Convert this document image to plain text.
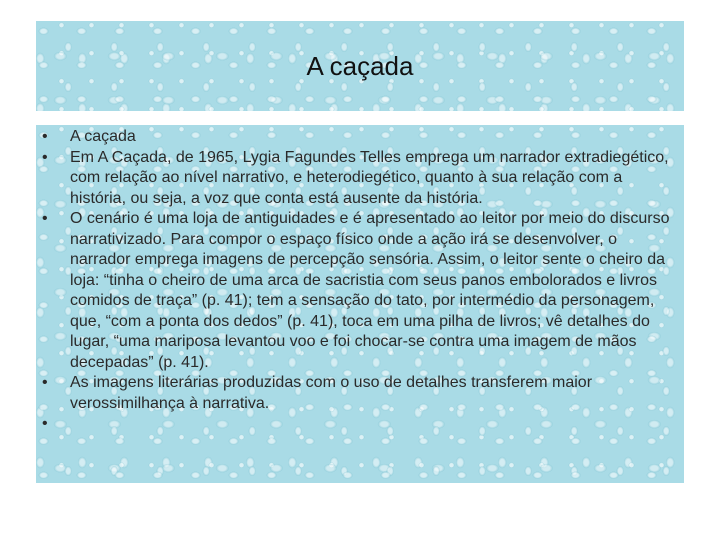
A caçada
• A caçada
• Em A Caçada, de 1965, Lygia Fagundes Telles emprega um narrador extradiegético, com relação ao nível narrativo, e heterodiegético, quanto à sua relação com a história, ou seja, a voz que conta está ausente da história.
• O cenário é uma loja de antiguidades e é apresentado ao leitor por meio do discurso narrativizado. Para compor o espaço físico onde a ação irá se desenvolver, o narrador emprega imagens de percepção sensória. Assim, o leitor sente o cheiro da loja: “tinha o cheiro de uma arca de sacristia com seus panos embolorados e livros comidos de traça” (p. 41); tem a sensação do tato, por intermédio da personagem, que, “com a ponta dos dedos” (p. 41), toca em uma pilha de livros; vê detalhes do lugar, “uma mariposa levantou voo e foi chocar-se contra uma imagem de mãos decepadas” (p. 41).
• As imagens literárias produzidas com o uso de detalhes transferem maior verossimilhança à narrativa.
•
